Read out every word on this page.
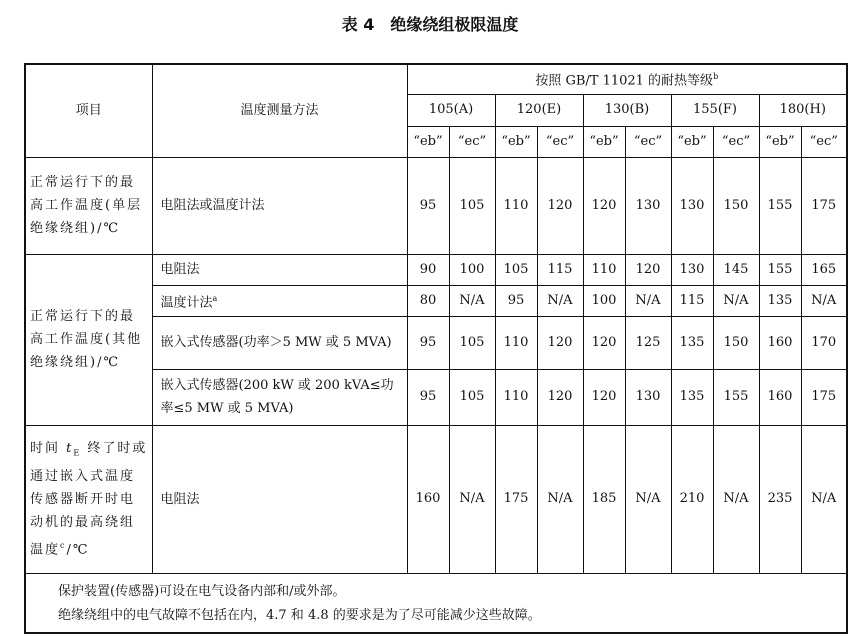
表 4　绝缘绕组极限温度
项目	温度测量方法	按照 GB/T 11021 的耐热等级$^b$
		105(A)		120(E)		130(B)		155(F)		180(H)	
		“eb”	“ec”	“eb”	“ec”	“eb”	“ec”	“eb”	“ec”	“eb”	“ec”
正常运行下的最高工作温度(单层绝缘绕组)/℃	电阻法或温度计法	95	105	110	120	120	130	130	150	155	175
正常运行下的最高工作温度(其他绝缘绕组)/℃	电阻法	90	100	105	115	110	120	130	145	155	165
	温度计法$^a$	80	N/A	95	N/A	100	N/A	115	N/A	135	N/A
	嵌入式传感器(功率＞5 MW 或 5 MVA)	95	105	110	120	120	125	135	150	160	170
	嵌入式传感器(200 kW 或 200 kVA≤功率≤5 MW 或 5 MVA)	95	105	110	120	120	130	135	155	160	175
时间 $t_E$ 终了时或通过嵌入式温度传感器断开时电动机的最高绕组温度$^c$/℃	电阻法	160	N/A	175	N/A	185	N/A	210	N/A	235	N/A

保护装置(传感器)可设在电气设备内部和/或外部。
绝缘绕组中的电气故障不包括在内，4.7 和 4.8 的要求是为了尽可能减少这些故障。											
